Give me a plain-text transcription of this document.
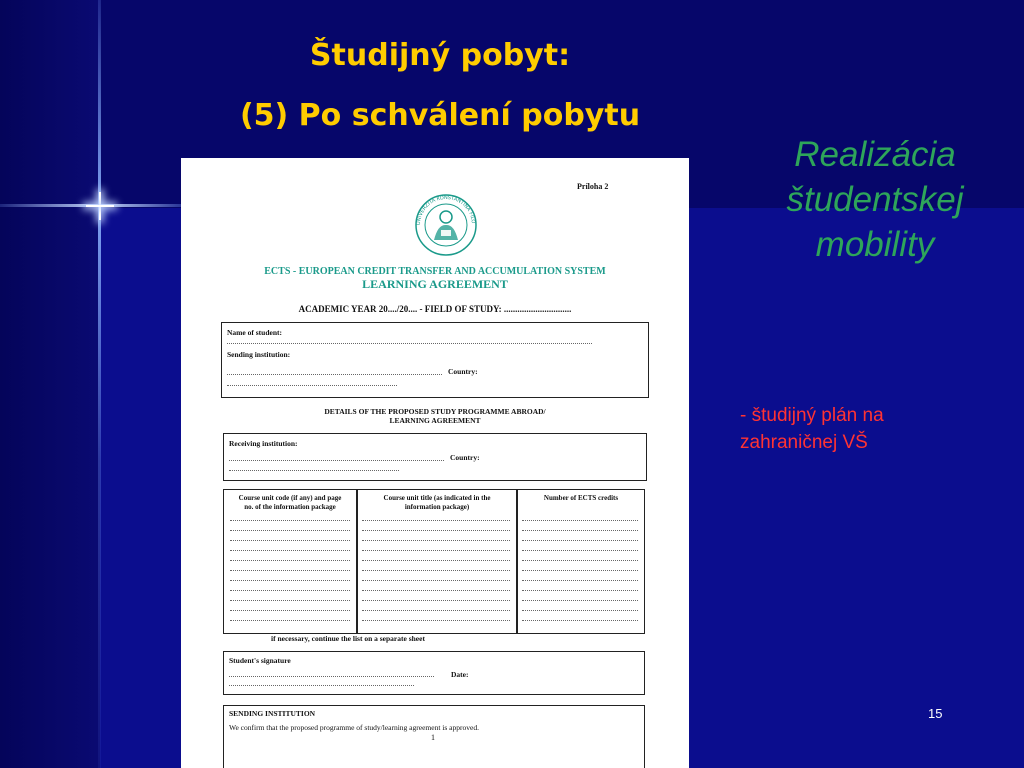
Študijný pobyt:
(5) Po schválení pobytu
Realizácia
študentskej
mobility
- študijný plán na
zahraničnej VŠ
15
Príloha 2
UNIVERZITA KONŠTANTÍNA FILO
ECTS - EUROPEAN CREDIT TRANSFER AND ACCUMULATION SYSTEM
LEARNING AGREEMENT
ACADEMIC YEAR 20..../20.... - FIELD OF STUDY: ..............................
Name of student:
Sending institution:
Country:
DETAILS OF THE PROPOSED STUDY PROGRAMME ABROAD/
LEARNING AGREEMENT
Receiving institution:
Country:
Course unit code (if any) and page
no. of the information package
Course unit title (as indicated in the
information package)
Number of ECTS credits
if necessary, continue the list on a separate sheet
Student's signature
Date:
SENDING INSTITUTION
We confirm that the proposed programme of study/learning agreement is approved.
1
